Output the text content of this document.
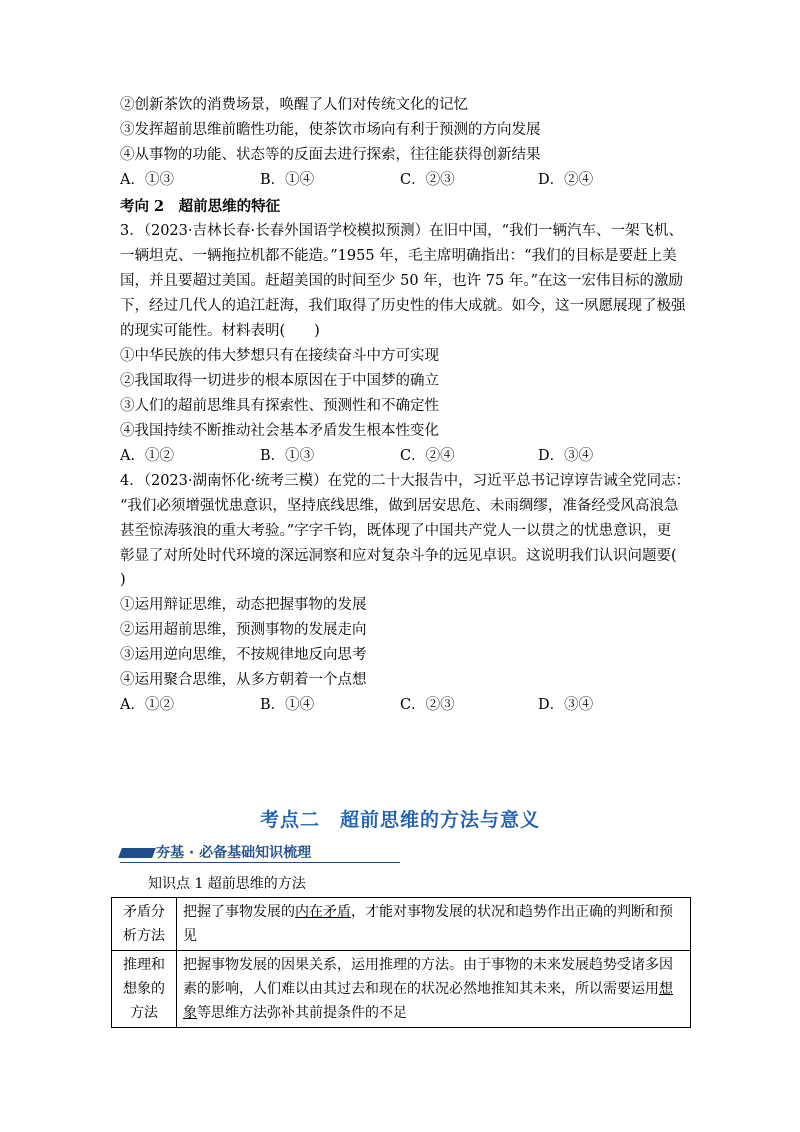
②创新茶饮的消费场景，唤醒了人们对传统文化的记忆
③发挥超前思维前瞻性功能，使茶饮市场向有利于预测的方向发展
④从事物的功能、状态等的反面去进行探索，往往能获得创新结果
A．①③	B．①④	C．②③	D．②④
考向 2　超前思维的特征
3．（2023·吉林长春·长春外国语学校模拟预测）在旧中国，“我们一辆汽车、一架飞机、
一辆坦克、一辆拖拉机都不能造。”1955 年，毛主席明确指出：“我们的目标是要赶上美
国，并且要超过美国。赶超美国的时间至少 50 年，也许 75 年。”在这一宏伟目标的激励
下，经过几代人的追江赶海，我们取得了历史性的伟大成就。如今，这一夙愿展现了极强
的现实可能性。材料表明(　　)
①中华民族的伟大梦想只有在接续奋斗中方可实现
②我国取得一切进步的根本原因在于中国梦的确立
③人们的超前思维具有探索性、预测性和不确定性
④我国持续不断推动社会基本矛盾发生根本性变化
A．①②	B．①③	C．②④	D．③④
4．（2023·湖南怀化·统考三模）在党的二十大报告中，习近平总书记谆谆告诫全党同志：
“我们必须增强忧患意识，坚持底线思维，做到居安思危、未雨绸缪，准备经受风高浪急
甚至惊涛骇浪的重大考验。”字字千钧，既体现了中国共产党人一以贯之的忧患意识，更
彰显了对所处时代环境的深远洞察和应对复杂斗争的远见卓识。这说明我们认识问题要(
)
①运用辩证思维，动态把握事物的发展
②运用超前思维，预测事物的发展走向
③运用逆向思维，不按规律地反向思考
④运用聚合思维，从多方朝着一个点想
A．①②	B．①④	C．②③	D．③④
考点二　超前思维的方法与意义
夯基 · 必备基础知识梳理
知识点 1 超前思维的方法
矛盾分析方法	把握了事物发展的内在矛盾，才能对事物发展的状况和趋势作出正确的判断和预见
推理和想象的方法	把握事物发展的因果关系，运用推理的方法。由于事物的未来发展趋势受诸多因素的影响，人们难以由其过去和现在的状况必然地推知其未来，所以需要运用想象等思维方法弥补其前提条件的不足
